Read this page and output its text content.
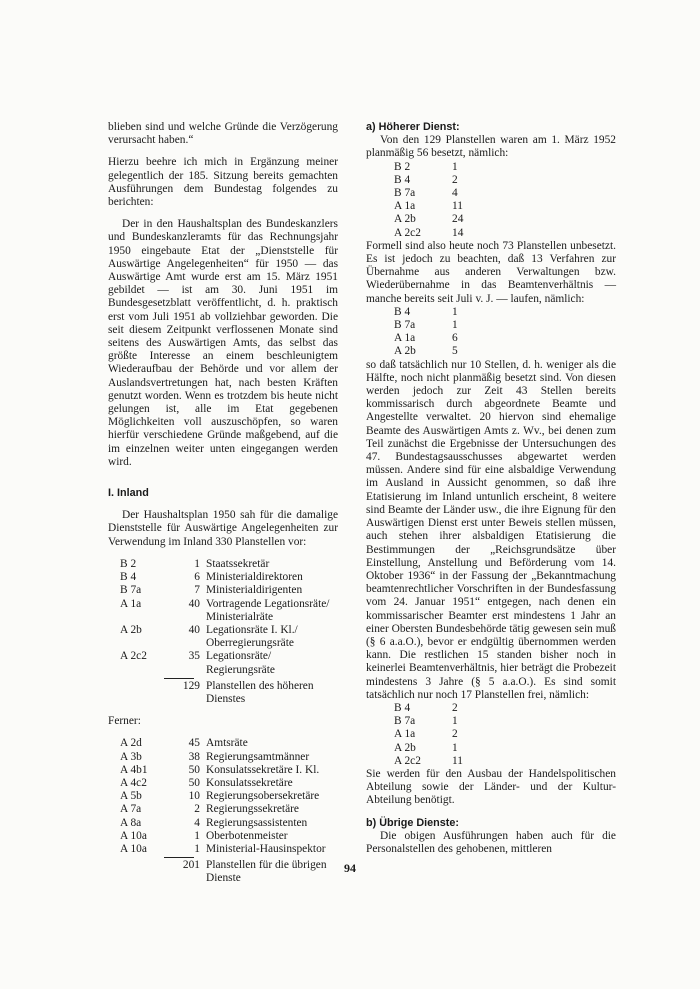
blieben sind und welche Gründe die Verzögerung verursacht haben.“

Hierzu beehre ich mich in Ergänzung meiner gelegentlich der 185. Sitzung bereits gemachten Ausführungen dem Bundestag folgendes zu berichten:

Der in den Haushaltsplan des Bundeskanzlers und Bundeskanzleramts für das Rechnungsjahr 1950 eingebaute Etat der „Dienststelle für Auswärtige Angelegenheiten“ für 1950 — das Auswärtige Amt wurde erst am 15. März 1951 gebildet — ist am 30. Juni 1951 im Bundesgesetzblatt veröffentlicht, d. h. praktisch erst vom Juli 1951 ab vollziehbar geworden. Die seit diesem Zeitpunkt verflossenen Monate sind seitens des Auswärtigen Amts, das selbst das größte Interesse an einem beschleunigtem Wiederaufbau der Behörde und vor allem der Auslandsvertretungen hat, nach besten Kräften genutzt worden. Wenn es trotzdem bis heute nicht gelungen ist, alle im Etat gegebenen Möglichkeiten voll auszuschöpfen, so waren hierfür verschiedene Gründe maßgebend, auf die im einzelnen weiter unten eingegangen werden wird.

I. Inland

Der Haushaltsplan 1950 sah für die damalige Dienststelle für Auswärtige Angelegenheiten zur Verwendung im Inland 330 Planstellen vor:

B 2	1	Staatssekretär
B 4	6	Ministerialdirektoren
B 7a	7	Ministerialdirigenten
A 1a	40	Vortragende Legationsräte/ Ministerialräte
A 2b	40	Legationsräte I. Kl./ Oberregierungsräte
A 2c2	35	Legationsräte/ Regierungsräte
	129	Planstellen des höheren Dienstes
Ferner:
A 2d	45	Amtsräte
A 3b	38	Regierungsamtmänner
A 4b1	50	Konsulatssekretäre I. Kl.
A 4c2	50	Konsulatssekretäre
A 5b	10	Regierungsobersekretäre
A 7a	2	Regierungssekretäre
A 8a	4	Regierungsassistenten
A 10a	1	Oberbotenmeister
A 10a	1	Ministerial-Hausinspektor
	201	Planstellen für die übrigen Dienste
a) Höherer Dienst:

Von den 129 Planstellen waren am 1. März 1952 planmäßig 56 besetzt, nämlich:

B 2	1
B 4	2
B 7a	4
A 1a	11
A 2b	24
A 2c2	14

Formell sind also heute noch 73 Planstellen unbesetzt. Es ist jedoch zu beachten, daß 13 Verfahren zur Übernahme aus anderen Verwaltungen bzw. Wiederübernahme in das Beamtenverhältnis — manche bereits seit Juli v. J. — laufen, nämlich:

B 4	1
B 7a	1
A 1a	6
A 2b	5

so daß tatsächlich nur 10 Stellen, d. h. weniger als die Hälfte, noch nicht planmäßig besetzt sind. Von diesen werden jedoch zur Zeit 43 Stellen bereits kommissarisch durch abgeordnete Beamte und Angestellte verwaltet. 20 hiervon sind ehemalige Beamte des Auswärtigen Amts z. Wv., bei denen zum Teil zunächst die Ergebnisse der Untersuchungen des 47. Bundestagsausschusses abgewartet werden müssen. Andere sind für eine alsbaldige Verwendung im Ausland in Aussicht genommen, so daß ihre Etatisierung im Inland untunlich erscheint, 8 weitere sind Beamte der Länder usw., die ihre Eignung für den Auswärtigen Dienst erst unter Beweis stellen müssen, auch stehen ihrer alsbaldigen Etatisierung die Bestimmungen der „Reichsgrundsätze über Einstellung, Anstellung und Beförderung vom 14. Oktober 1936“ in der Fassung der „Bekanntmachung beamtenrechtlicher Vorschriften in der Bundesfassung vom 24. Januar 1951“ entgegen, nach denen ein kommissarischer Beamter erst mindestens 1 Jahr an einer Obersten Bundesbehörde tätig gewesen sein muß (§ 6 a.a.O.), bevor er endgültig übernommen werden kann. Die restlichen 15 standen bisher noch in keinerlei Beamtenverhältnis, hier beträgt die Probezeit mindestens 3 Jahre (§ 5 a.a.O.). Es sind somit tatsächlich nur noch 17 Planstellen frei, nämlich:

B 4	2
B 7a	1
A 1a	2
A 2b	1
A 2c2	11

Sie werden für den Ausbau der Handelspolitischen Abteilung sowie der Länder- und der Kultur-Abteilung benötigt.

b) Übrige Dienste:

Die obigen Ausführungen haben auch für die Personalstellen des gehobenen, mittleren

94
